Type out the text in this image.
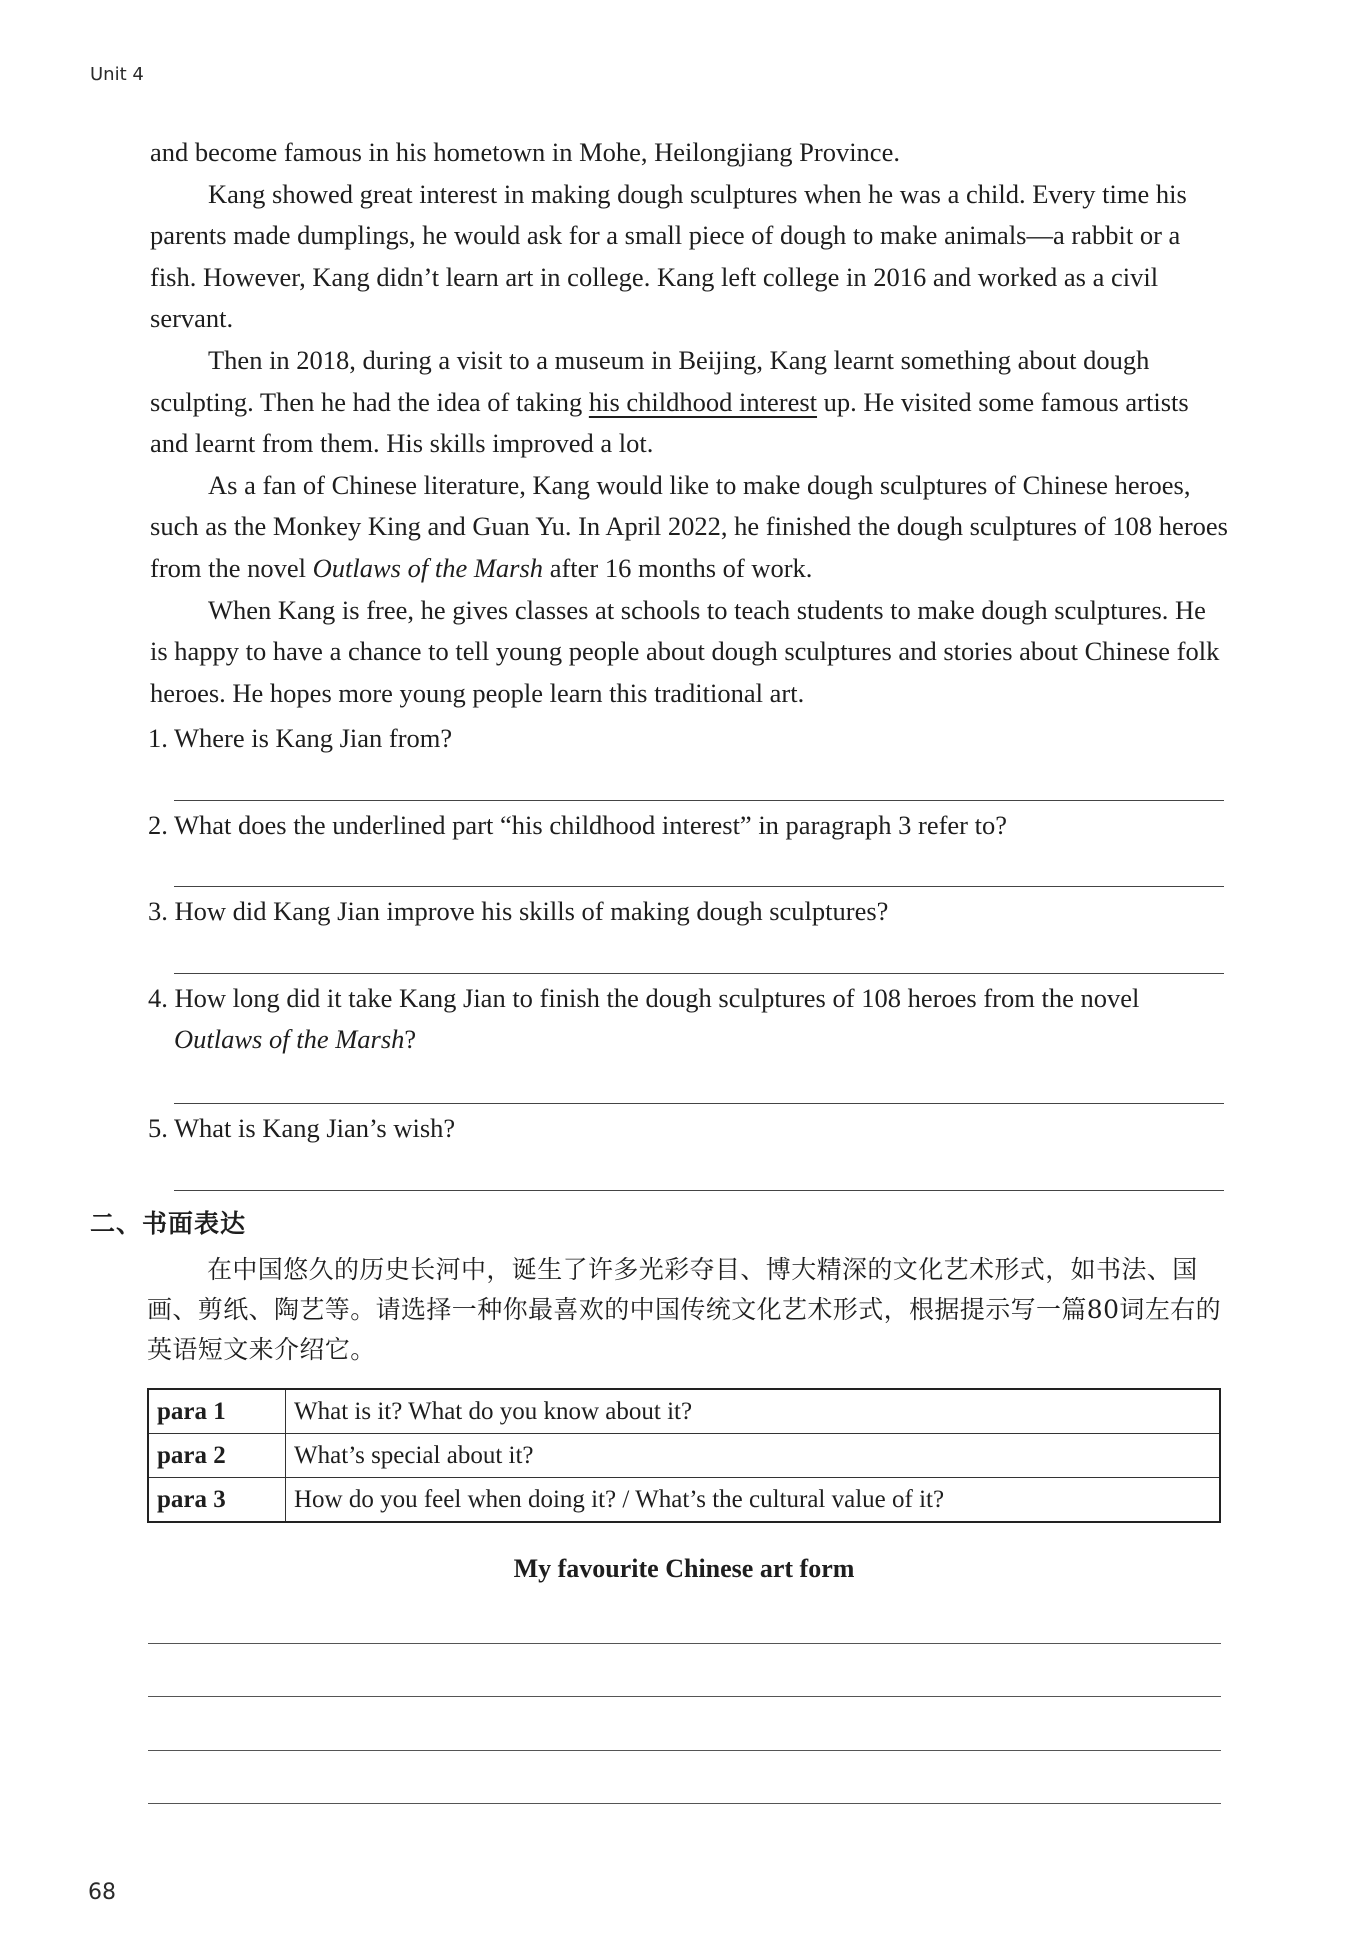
Unit 4

and become famous in his hometown in Mohe, Heilongjiang Province.

Kang showed great interest in making dough sculptures when he was a child. Every time his parents made dumplings, he would ask for a small piece of dough to make animals—a rabbit or a fish. However, Kang didn’t learn art in college. Kang left college in 2016 and worked as a civil servant.

Then in 2018, during a visit to a museum in Beijing, Kang learnt something about dough sculpting. Then he had the idea of taking his childhood interest up. He visited some famous artists and learnt from them. His skills improved a lot.

As a fan of Chinese literature, Kang would like to make dough sculptures of Chinese heroes, such as the Monkey King and Guan Yu. In April 2022, he finished the dough sculptures of 108 heroes from the novel Outlaws of the Marsh after 16 months of work.

When Kang is free, he gives classes at schools to teach students to make dough sculptures. He is happy to have a chance to tell young people about dough sculptures and stories about Chinese folk heroes. He hopes more young people learn this traditional art.

1. Where is Kang Jian from?
2. What does the underlined part “his childhood interest” in paragraph 3 refer to?
3. How did Kang Jian improve his skills of making dough sculptures?
4. How long did it take Kang Jian to finish the dough sculptures of 108 heroes from the novel Outlaws of the Marsh?
5. What is Kang Jian’s wish?
二、书面表达
在中国悠久的历史长河中，诞生了许多光彩夺目、博大精深的文化艺术形式，如书法、国画、剪纸、陶艺等。请选择一种你最喜欢的中国传统文化艺术形式，根据提示写一篇80词左右的英语短文来介绍它。
para 1	What is it? What do you know about it?
para 2	What’s special about it?
para 3	How do you feel when doing it? / What’s the cultural value of it?
My favourite Chinese art form
68
